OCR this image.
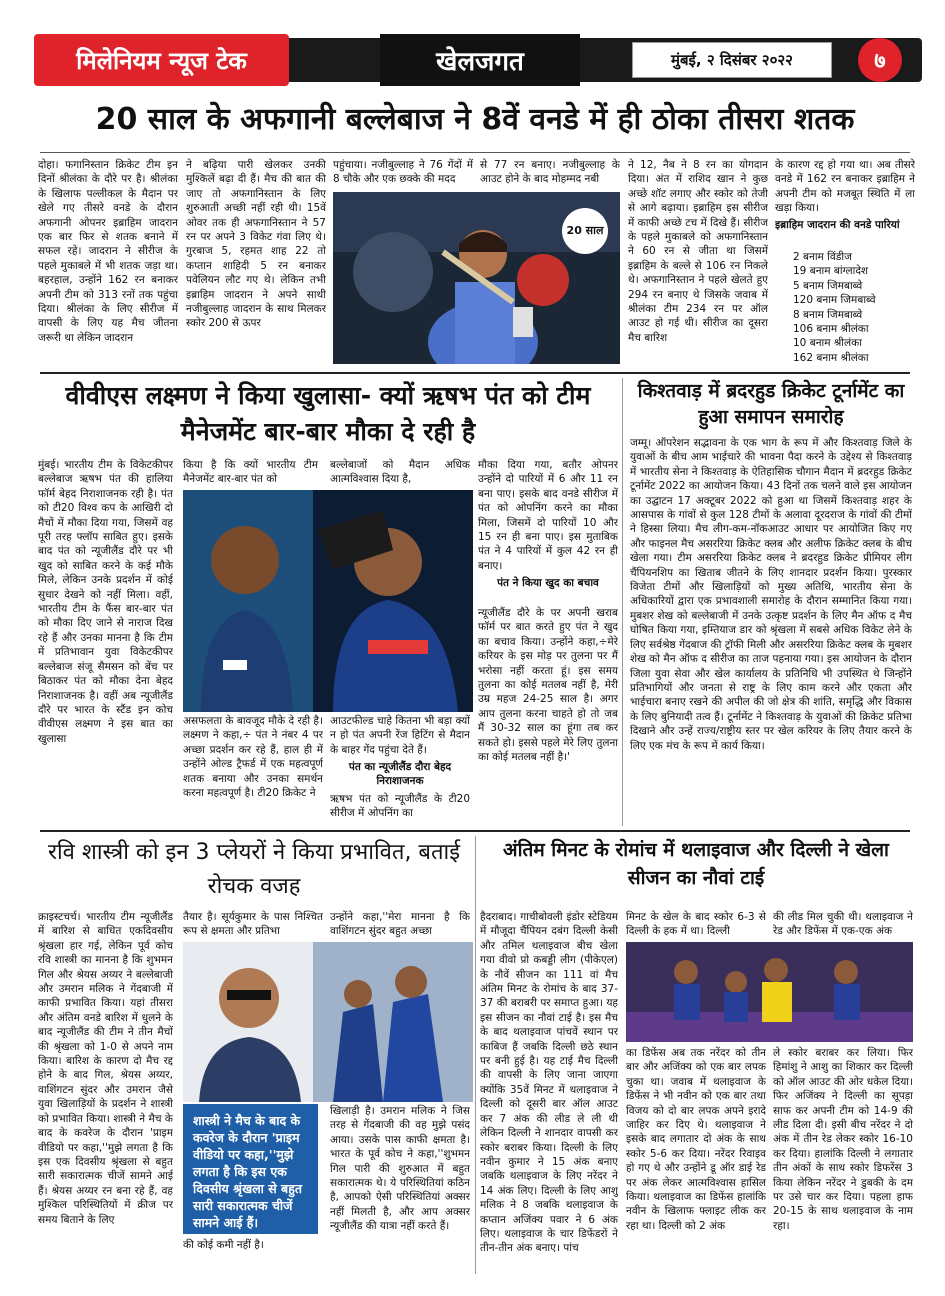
मिलेनियम न्यूज टेक	खेलजगत	मुंबई, २ दिसंबर २०२२	७
20 साल के अफगानी बल्लेबाज ने 8वें वनडे में ही ठोका तीसरा शतक

दोहा। फगानिस्तान क्रिकेट टीम इन दिनों श्रीलंका के दौरे पर है। श्रीलंका के खिलाफ पल्लीकल के मैदान पर खेले गए तीसरे वनडे के दौरान अफगानी ओपनर इब्राहिम जादरान एक बार फिर से शतक बनाने में सफल रहे। जादरान ने सीरीज के पहले मुकाबले में भी शतक जड़ा था। बहरहाल, उन्होंने 162 रन बनाकर अपनी टीम को 313 रनों तक पहुंचा दिया। श्रीलंका के लिए सीरीज में वापसी के लिए यह मैच जीतना जरूरी था लेकिन जादरान

ने बढ़िया पारी खेलकर उनकी मुश्किलें बढ़ा दी हैं। मैच की बात की जाए तो अफगानिस्तान के लिए शुरुआती अच्छी नहीं रही थी। 15वें ओवर तक ही अफगानिस्तान ने 57 रन पर अपने 3 विकेट गंवा लिए थे। गुरबाज 5, रहमत शाह 22 तो कप्तान शाहिदी 5 रन बनाकर पवेलियन लौट गए थे। लेकिन तभी इब्राहिम जादरान ने अपने साथी नजीबुल्लाह जादरान के साथ मिलकर स्कोर 200 से ऊपर

पहुंचाया। नजीबुल्लाह ने 76 गेंदों में 8 चौके और एक छक्के की मदद

से 77 रन बनाए। नजीबुल्लाह के आउट होने के बाद मोहम्मद नबी

20 साल

ने 12, नैब ने 8 रन का योगदान दिया। अंत में राशिद खान ने कुछ अच्छे शॉट लगाए और स्कोर को तेजी से आगे बढ़ाया। इब्राहिम इस सीरीज में काफी अच्छे टच में दिखे हैं। सीरीज के पहले मुकाबले को अफगानिस्तान ने 60 रन से जीता था जिसमें इब्राहिम के बल्ले से 106 रन निकले थे। अफगानिस्तान ने पहले खेलते हुए 294 रन बनाए थे जिसके जवाब में श्रीलंका टीम 234 रन पर ऑल आउट हो गई थी। सीरीज का दूसरा मैच बारिश

के कारण रद्द हो गया था। अब तीसरे वनडे में 162 रन बनाकर इब्राहिम ने अपनी टीम को मजबूत स्थिति में ला खड़ा किया।

इब्राहिम जादरान की वनडे पारियां

2 बनाम विंडीज
19 बनाम बांग्लादेश
5 बनाम जिमबाब्वे
120 बनाम जिमबाब्वे
8 बनाम जिमबाब्वे
106 बनाम श्रीलंका
10 बनाम श्रीलंका
162 बनाम श्रीलंका
वीवीएस लक्ष्मण ने किया खुलासा- क्यों ऋषभ पंत को टीम मैनेजमेंट बार-बार मौका दे रही है

मुंबई। भारतीय टीम के विकेटकीपर बल्लेबाज ऋषभ पंत की हालिया फॉर्म बेहद निराशाजनक रही है। पंत को टी20 विश्व कप के आखिरी दो मैचों में मौका दिया गया, जिसमें वह पूरी तरह फ्लॉप साबित हुए। इसके बाद पंत को न्यूजीलैंड दौरे पर भी खुद को साबित करने के कई मौके मिले, लेकिन उनके प्रदर्शन में कोई सुधार देखने को नहीं मिला। वहीं, भारतीय टीम के फैंस बार-बार पंत को मौका दिए जाने से नाराज दिख रहे हैं और उनका मानना है कि टीम में प्रतिभावान युवा विकेटकीपर बल्लेबाज संजू सैमसन को बेंच पर बिठाकर पंत को मौका देना बेहद निराशाजनक है। वहीं अब न्यूजीलैंड दौरे पर भारत के स्टैंड इन कोच वीवीएस लक्ष्मण ने इस बात का खुलासा

किया है कि क्यों भारतीय टीम मैनेजमेंट बार-बार पंत को

बल्लेबाजों को मैदान अधिक आत्मविश्वास दिया है,

असफलता के बावजूद मौके दे रही है। लक्ष्मण ने कहा,÷ पंत ने नंबर 4 पर अच्छा प्रदर्शन कर रहे हैं, हाल ही में उन्होंने ओल्ड ट्रैफर्ड में एक महत्वपूर्ण शतक बनाया और उनका समर्थन करना महत्वपूर्ण है। टी20 क्रिकेट ने

आउटफील्ड चाहे कितना भी बड़ा क्यों न हो पंत अपनी रेंज हिटिंग से मैदान के बाहर गेंद पहुंचा देते हैं।

पंत का न्यूजीलैंड दौरा बेहद निराशाजनक

ऋषभ पंत को न्यूजीलैंड के टी20 सीरीज में ओपनिंग का

मौका दिया गया, बतौर ओपनर उन्होंने दो पारियों में 6 और 11 रन बना पाए। इसके बाद वनडे सीरीज में पंत को ओपनिंग करने का मौका मिला, जिसमें दो पारियों 10 और 15 रन ही बना पाए। इस मुताबिक पंत ने 4 पारियों में कुल 42 रन ही बनाए।

पंत ने किया खुद का बचाव

न्यूजीलैंड दौरे के पर अपनी खराब फॉर्म पर बात करते हुए पंत ने खुद का बचाव किया। उन्होंने कहा,÷मेरे करियर के इस मोड़ पर तुलना पर मैं भरोसा नहीं करता हूं। इस समय तुलना का कोई मतलब नहीं है, मेरी उम्र महज 24-25 साल है। अगर आप तुलना करना चाहते हो तो जब मैं 30-32 साल का हूंगा तब कर सकते हो। इससे पहले मेरे लिए तुलना का कोई मतलब नहीं है।'

किश्तवाड़ में ब्रदरहुड क्रिकेट टूर्नामेंट का हुआ समापन समारोह

जम्मू। ऑपरेशन सद्भावना के एक भाग के रूप में और किश्तवाड़ जिले के युवाओं के बीच आम भाईचारे की भावना पैदा करने के उद्देश्य से किश्तवाड़ में भारतीय सेना ने किश्तवाड़ के ऐतिहासिक चौगान मैदान में ब्रदरहुड क्रिकेट टूर्नामेंट 2022 का आयोजन किया। 43 दिनों तक चलने वाले इस आयोजन का उद्घाटन 17 अक्टूबर 2022 को हुआ था जिसमें किश्तवाड़ शहर के आसपास के गांवों से कुल 128 टीमों के अलावा दूरदराज के गांवों की टीमों ने हिस्सा लिया। मैच लीग-कम-नॉकआउट आधार पर आयोजित किए गए और फाइनल मैच असररिया क्रिकेट क्लब और अलीफ क्रिकेट क्लब के बीच खेला गया। टीम असररिया क्रिकेट क्लब ने ब्रदरहुड क्रिकेट प्रीमियर लीग चैंपियनशिप का खिताब जीतने के लिए शानदार प्रदर्शन किया। पुरस्कार विजेता टीमों और खिलाड़ियों को मुख्य अतिथि, भारतीय सेना के अधिकारियों द्वारा एक प्रभावशाली समारोह के दौरान सम्मानित किया गया। मुबशर शेख को बल्लेबाजी में उनके उत्कृष्ट प्रदर्शन के लिए मैन ऑफ द मैच घोषित किया गया, इम्तियाज डार को श्रृंखला में सबसे अधिक विकेट लेने के लिए सर्वश्रेष्ठ गेंदबाज की ट्रॉफी मिली और असररिया क्रिकेट क्लब के मुबशर शेख को मैन ऑफ द सीरीज का ताज पहनाया गया। इस आयोजन के दौरान जिला युवा सेवा और खेल कार्यालय के प्रतिनिधि भी उपस्थित थे जिन्होंने प्रतिभागियों और जनता से राष्ट्र के लिए काम करने और एकता और भाईचारा बनाए रखने की अपील की जो क्षेत्र की शांति, समृद्धि और विकास के लिए बुनियादी तत्व हैं। टूर्नामेंट ने किश्तवाड़ के युवाओं की क्रिकेट प्रतिभा दिखाने और उन्हें राज्य/राष्ट्रीय स्तर पर खेल करियर के लिए तैयार करने के लिए एक मंच के रूप में कार्य किया।

रवि शास्त्री को इन 3 प्लेयरों ने किया प्रभावित, बताई रोचक वजह

क्राइस्टचर्च। भारतीय टीम न्यूजीलैंड में बारिश से बाधित एकदिवसीय श्रृंखला हार गई, लेकिन पूर्व कोच रवि शास्त्री का मानना है कि शुभमन गिल और श्रेयस अय्यर ने बल्लेबाजी और उमरान मलिक ने गेंदबाजी में काफी प्रभावित किया। यहां तीसरा और अंतिम वनडे बारिश में धुलने के बाद न्यूजीलैंड की टीम ने तीन मैचों की श्रृंखला को 1-0 से अपने नाम किया। बारिश के कारण दो मैच रद्द होने के बाद गिल, श्रेयस अय्यर, वाशिंगटन सुंदर और उमरान जैसे युवा खिलाड़ियों के प्रदर्शन ने शास्त्री को प्रभावित किया। शास्त्री ने मैच के बाद के कवरेज के दौरान 'प्राइम वीडियो पर कहा,''मुझे लगता है कि इस एक दिवसीय श्रृंखला से बहुत सारी सकारात्मक चीजें सामने आई हैं। श्रेयस अय्यर रन बना रहे हैं, वह मुश्किल परिस्थितियों में क्रीज पर समय बिताने के लिए

तैयार है। सूर्यकुमार के पास निश्चित रूप से क्षमता और प्रतिभा

उन्होंने कहा,''मेरा मानना है कि वाशिंगटन सुंदर बहुत अच्छा

शास्त्री ने मैच के बाद के कवरेज के दौरान 'प्राइम वीडियो पर कहा,''मुझे लगता है कि इस एक दिवसीय श्रृंखला से बहुत सारी सकारात्मक चीजें सामने आई हैं।

की कोई कमी नहीं है।

खिलाड़ी है। उमरान मलिक ने जिस तरह से गेंदबाजी की वह मुझे पसंद आया। उसके पास काफी क्षमता है। भारत के पूर्व कोच ने कहा,''शुभमन गिल पारी की शुरुआत में बहुत सकारात्मक थे। ये परिस्थितियां कठिन है, आपको ऐसी परिस्थितियां अक्सर नहीं मिलती है, और आप अक्सर न्यूजीलैंड की यात्रा नहीं करते हैं।

अंतिम मिनट के रोमांच में थलाइवाज और दिल्ली ने खेला सीजन का नौवां टाई

हैदराबाद। गाचीबोवली इंडोर स्टेडियम में मौजूदा चैंपियन दबंग दिल्ली केसी और तमिल थलाइवाज बीच खेला गया वीवो प्रो कबड्डी लीग (पीकेएल) के नौवें सीजन का 111 वां मैच अंतिम मिनट के रोमांच के बाद 37-37 की बराबरी पर समाप्त हुआ। यह इस सीजन का नौवां टाई है। इस मैच के बाद थलाइवाज पांचवें स्थान पर काबिज हैं जबकि दिल्ली छठे स्थान पर बनी हुई है। यह टाई मैच दिल्ली की वापसी के लिए जाना जाएगा क्योंकि 35वें मिनट में थलाइवाज ने दिल्ली को दूसरी बार ऑल आउट कर 7 अंक की लीड ले ली थी लेकिन दिल्ली ने शानदार वापसी कर स्कोर बराबर किया। दिल्ली के लिए नवीन कुमार ने 15 अंक बनाए जबकि थलाइवाज के लिए नरेंदर ने 14 अंक लिए। दिल्ली के लिए आशु मलिक ने 8 जबकि थलाइवाज के कप्तान अजिंक्य पवार ने 6 अंक लिए। थलाइवाज के चार डिफेंडरों ने तीन-तीन अंक बनाए। पांच

मिनट के खेल के बाद स्कोर 6-3 से दिल्ली के हक में था। दिल्ली

की लीड मिल चुकी थी। थलाइवाज ने रेड और डिफेंस में एक-एक अंक

का डिफेंस अब तक नरेंदर को तीन बार और अजिंक्य को एक बार लपक चुका था। जवाब में थलाइवाज के डिफेंस ने भी नवीन को एक बार तथा विजय को दो बार लपक अपने इरादे जाहिर कर दिए थे। थलाइवाज ने इसके बाद लगातार दो अंक के साथ स्कोर 5-6 कर दिया। नरेंदर रिवाइव हो गए थे और उन्होंने डू ऑर डाई रेड पर अंक लेकर आत्मविश्वास हासिल किया। थलाइवाज का डिफेंस हालांकि नवीन के खिलाफ फ्लाइट लीक कर रहा था। दिल्ली को 2 अंक

ले स्कोर बराबर कर लिया। फिर हिमांशु ने आशु का शिकार कर दिल्ली को ऑल आउट की ओर धकेल दिया। फिर अजिंक्य ने दिल्ली का सूपड़ा साफ कर अपनी टीम को 14-9 की लीड दिला दी। इसी बीच नरेंदर ने दो अंक में तीन रेड लेकर स्कोर 16-10 कर दिया। हालांकि दिल्ली ने लगातार तीन अंकों के साथ स्कोर डिफरेंस 3 किया लेकिन नरेंदर ने डुबकी के दम पर उसे चार कर दिया। पहला हाफ 20-15 के साथ थलाइवाज के नाम रहा।
